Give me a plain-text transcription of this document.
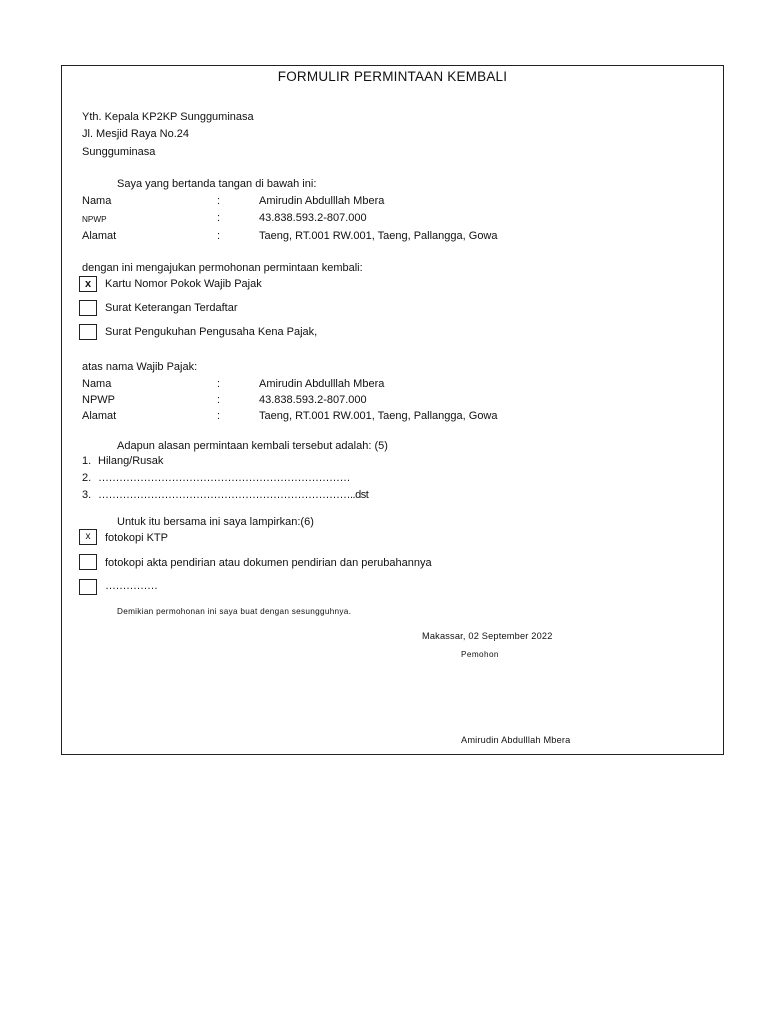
FORMULIR PERMINTAAN KEMBALI
Yth. Kepala KP2KP Sungguminasa
Jl. Mesjid Raya No.24
Sungguminasa
Saya yang bertanda tangan di bawah ini:
Nama	:	Amirudin Abdulllah Mbera
NPWP	:	43.838.593.2-807.000
Alamat	:	Taeng, RT.001 RW.001, Taeng, Pallangga, Gowa
dengan ini mengajukan permohonan permintaan kembali:
x	Kartu Nomor Pokok Wajib Pajak
Surat Keterangan Terdaftar
Surat Pengukuhan Pengusaha Kena Pajak,
atas nama Wajib Pajak:
Nama	:	Amirudin Abdulllah Mbera
NPWP	:	43.838.593.2-807.000
Alamat	:	Taeng, RT.001 RW.001, Taeng, Pallangga, Gowa
Adapun alasan permintaan kembali tersebut adalah: (5)
1. Hilang/Rusak
2. ………………………………………………………………
3. ………………………………………………………………..dst
Untuk itu bersama ini saya lampirkan:(6)
x	fotokopi KTP
fotokopi akta pendirian atau dokumen pendirian dan perubahannya
……………
Demikian permohonan ini saya buat dengan sesungguhnya.
Makassar, 02 September 2022
Pemohon
Amirudin Abdulllah Mbera
